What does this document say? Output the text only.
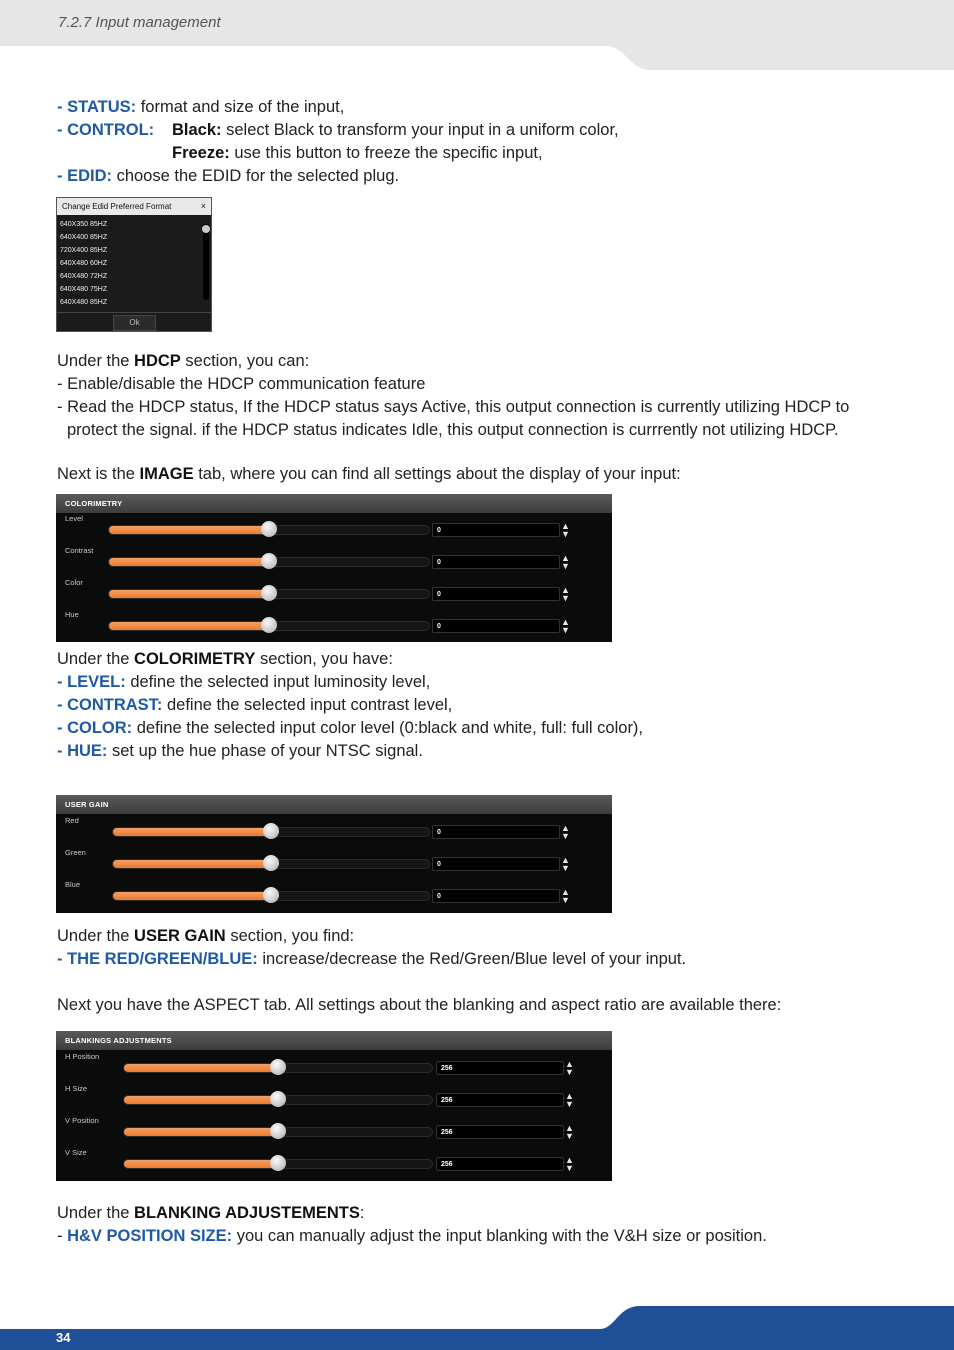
7.2.7 Input management
- STATUS: format and size of the input,
- CONTROL: Black: select Black to transform your input in a uniform color,
Freeze: use this button to freeze the specific input,
- EDID: choose the EDID for the selected plug.
Change Edid Preferred Format	×
640X350 85HZ
640X400 85HZ
720X400 85HZ
640X480 60HZ
640X480 72HZ
640X480 75HZ
640X480 85HZ
Ok
Under the HDCP section, you can:
- Enable/disable the HDCP communication feature
- Read the HDCP status, If the HDCP status says Active, this output connection is currently utilizing HDCP to
protect the signal. if the HDCP status indicates Idle, this output connection is currrently not utilizing HDCP.
Next is the IMAGE tab, where you can find all settings about the display of your input:
COLORIMETRY
Level
0	▲
▼
Contrast
0	▲
▼
Color
0	▲
▼
Hue
0	▲
▼
Under the COLORIMETRY section, you have:
- LEVEL: define the selected input luminosity level,
- CONTRAST: define the selected input contrast level,
- COLOR: define the selected input color level (0:black and white, full: full color),
- HUE: set up the hue phase of your NTSC signal.
USER GAIN
Red
0	▲
▼
Green
0	▲
▼
Blue
0	▲
▼
Under the USER GAIN section, you find:
- THE RED/GREEN/BLUE: increase/decrease the Red/Green/Blue level of your input.
Next you have the ASPECT tab. All settings about the blanking and aspect ratio are available there:
BLANKINGS ADJUSTMENTS
H Position
256	▲
▼
H Size
256	▲
▼
V Position
256	▲
▼
V Size
256	▲
▼
Under the BLANKING ADJUSTEMENTS:
- H&V POSITION SIZE: you can manually adjust the input blanking with the V&H size or position.
34
